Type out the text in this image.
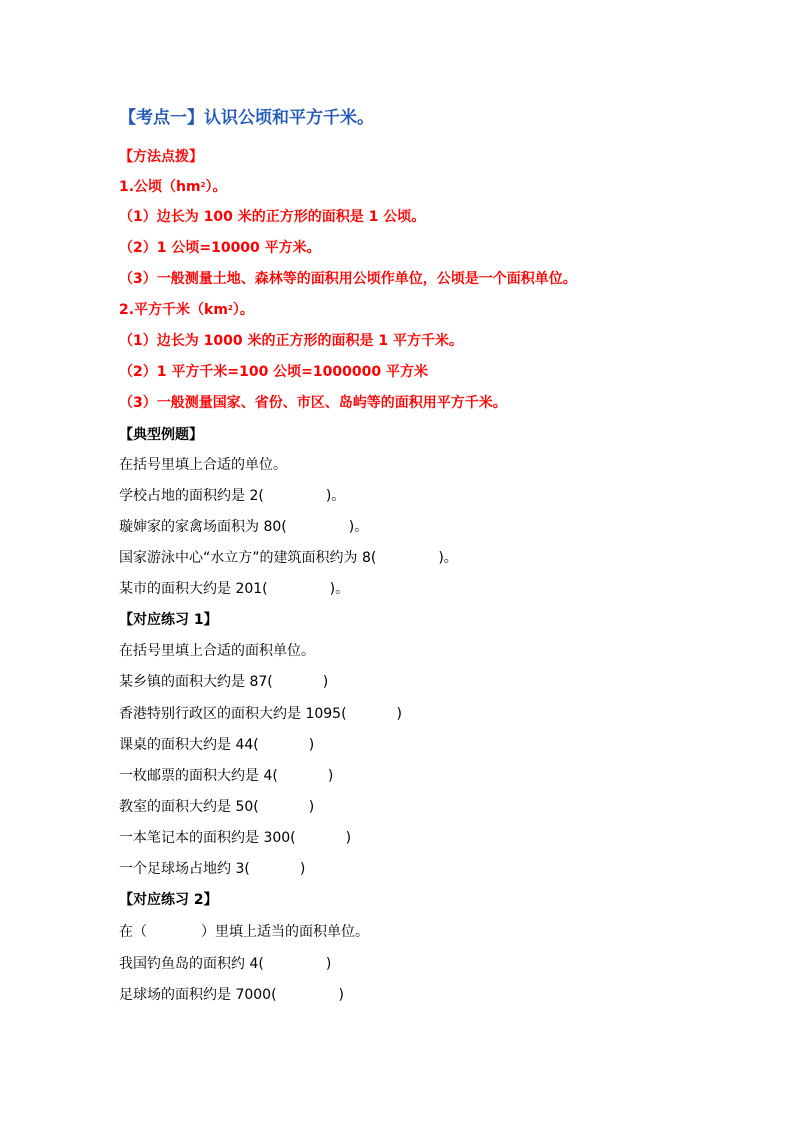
【考点一】认识公顷和平方千米。
【方法点拨】
1.公顷$(hm^2)$。
（1）边长为 100 米的正方形的面积是 1 公顷。
（2）1 公顷=10000 平方米。
（3）一般测量土地、森林等的面积用公顷作单位，公顷是一个面积单位。
2.平方千米$(km^2)$。
（1）边长为 1000 米的正方形的面积是 1 平方千米。
（2）1 平方千米=100 公顷=1000000 平方米
（3）一般测量国家、省份、市区、岛屿等的面积用平方千米。
【典型例题】
在括号里填上合适的单位。
学校占地的面积约是 2(	)。
璇婶家的家禽场面积为 80(	)。
国家游泳中心“水立方”的建筑面积约为 8(	)。
某市的面积大约是 201(	)。
【对应练习 1】
在括号里填上合适的面积单位。
某乡镇的面积大约是 87(	)
香港特别行政区的面积大约是 1095(	)
课桌的面积大约是 44(	)
一枚邮票的面积大约是 4(	)
教室的面积大约是 50(	)
一本笔记本的面积约是 300(	)
一个足球场占地约 3(	)
【对应练习 2】
在（	）里填上适当的面积单位。
我国钓鱼岛的面积约 4(	)
足球场的面积约是 7000(	)
